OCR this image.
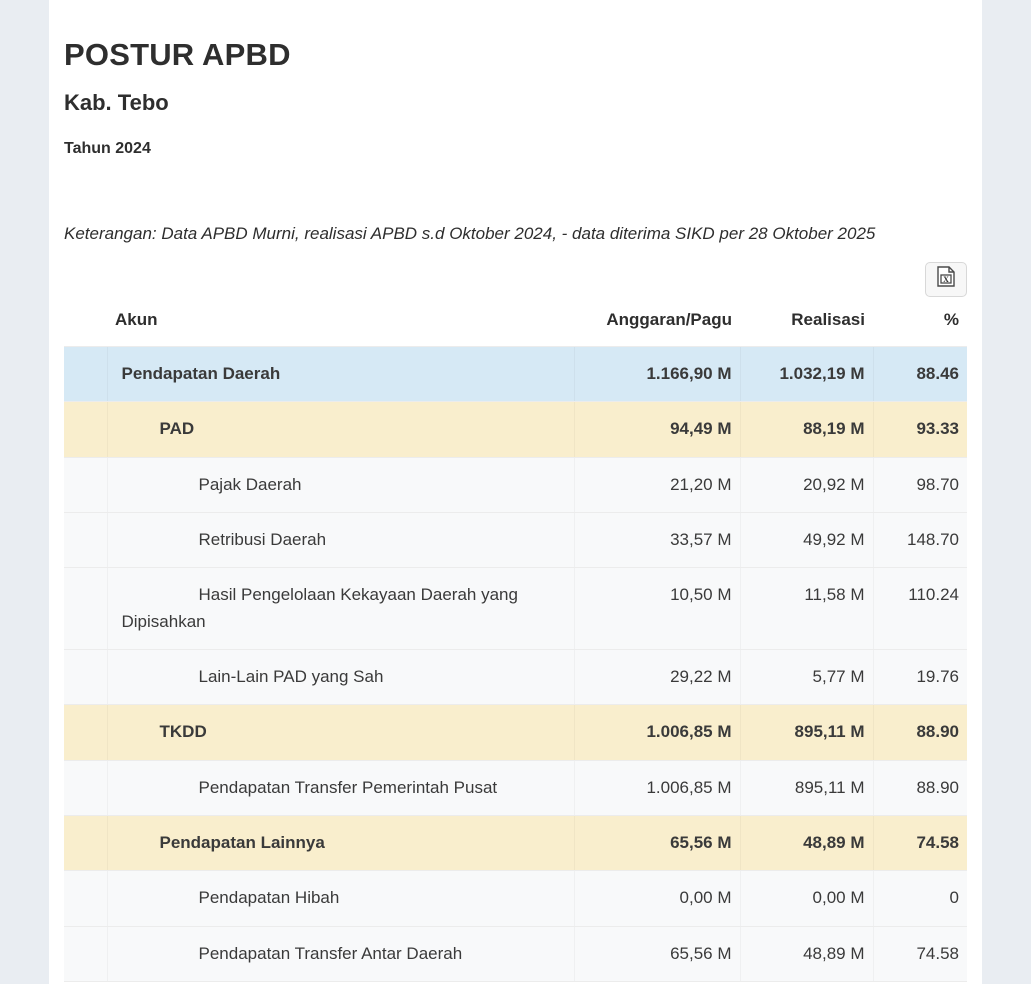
POSTUR APBD
Kab. Tebo
Tahun 2024
Keterangan: Data APBD Murni, realisasi APBD s.d Oktober 2024, - data diterima SIKD per 28 Oktober 2025
X
	Akun	Anggaran/Pagu	Realisasi	%
	Pendapatan Daerah	1.166,90 M	1.032,19 M	88.46
	PAD	94,49 M	88,19 M	93.33
	Pajak Daerah	21,20 M	20,92 M	98.70
	Retribusi Daerah	33,57 M	49,92 M	148.70
	Hasil Pengelolaan Kekayaan Daerah yang Dipisahkan	10,50 M	11,58 M	110.24
	Lain-Lain PAD yang Sah	29,22 M	5,77 M	19.76
	TKDD	1.006,85 M	895,11 M	88.90
	Pendapatan Transfer Pemerintah Pusat	1.006,85 M	895,11 M	88.90
	Pendapatan Lainnya	65,56 M	48,89 M	74.58
	Pendapatan Hibah	0,00 M	0,00 M	0
	Pendapatan Transfer Antar Daerah	65,56 M	48,89 M	74.58
